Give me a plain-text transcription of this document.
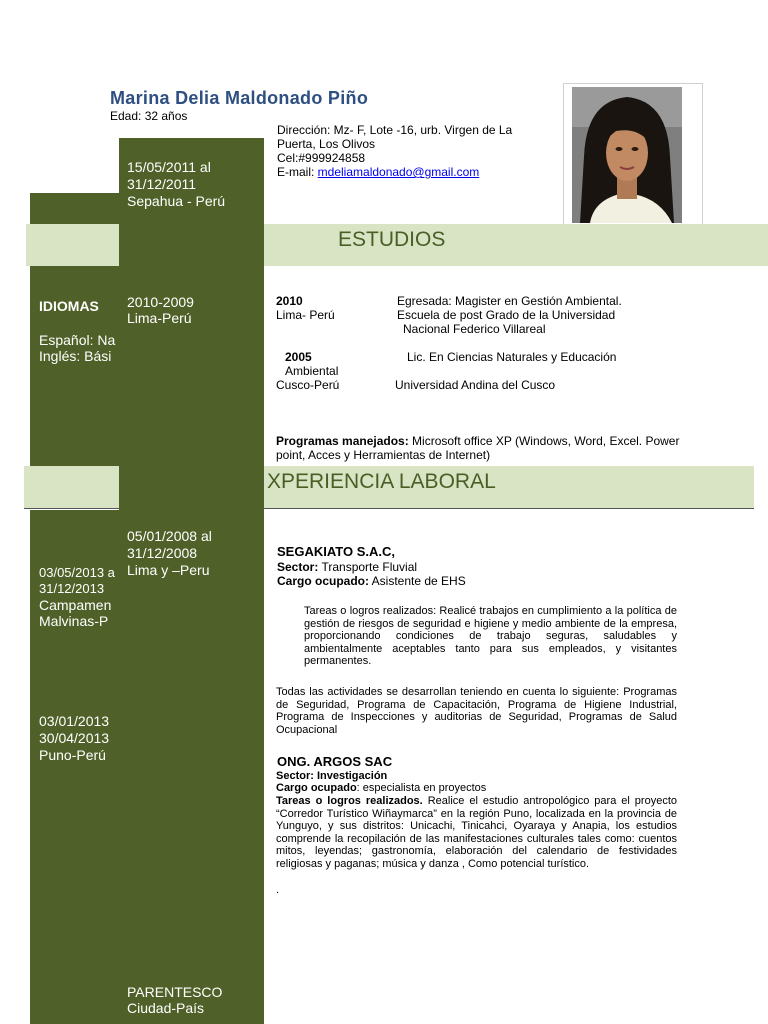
Marina Delia Maldonado Piño
Edad: 32 años
Dirección: Mz- F, Lote -16, urb. Virgen de La Puerta, Los Olivos
Cel:#999924858
E-mail: mdeliamaldonado@gmail.com
ESTUDIOS
XPERIENCIA LABORAL
IDIOMAS
Español: Na
Inglés: Bási
03/05/2013 a
31/12/2013
Campamen
Malvinas-P
03/01/2013
30/04/2013
Puno-Perú
15/05/2011 al
31/12/2011
Sepahua - Perú
2010-2009
Lima-Perú
05/01/2008 al
31/12/2008
Lima y –Peru
PARENTESCO
Ciudad-País
2010
Lima- Perú
Egresada: Magister en Gestión Ambiental.
Escuela de post Grado de la Universidad
Nacional Federico Villareal
2005	Lic. En Ciencias Naturales y Educación
Ambiental
Cusco-Perú	Universidad Andina del Cusco
Programas manejados: Microsoft office XP (Windows, Word, Excel. Power point, Acces y Herramientas de Internet)
SEGAKIATO S.A.C,
Sector: Transporte Fluvial
Cargo ocupado: Asistente de EHS
Tareas o logros realizados: Realicé trabajos en cumplimiento a la política de gestión de riesgos de seguridad e higiene y medio ambiente de la empresa, proporcionando condiciones de trabajo seguras, saludables y ambientalmente aceptables tanto para sus empleados, y visitantes permanentes.
Todas las actividades se desarrollan teniendo en cuenta lo siguiente: Programas de Seguridad, Programa de Capacitación, Programa de Higiene Industrial, Programa de Inspecciones y auditorias de Seguridad, Programas de Salud Ocupacional
ONG. ARGOS SAC
Sector: Investigación
Cargo ocupado: especialista en proyectos
Tareas o logros realizados. Realice el estudio antropológico para el proyecto “Corredor Turístico Wiñaymarca” en la región Puno, localizada en la provincia de Yunguyo, y sus distritos: Unicachi, Tinicahci, Oyaraya y Anapia, los estudios comprende la recopilación de las manifestaciones culturales tales como: cuentos mitos, leyendas; gastronomía, elaboración del calendario de festividades religiosas y paganas; música y danza , Como potencial turístico.
.
